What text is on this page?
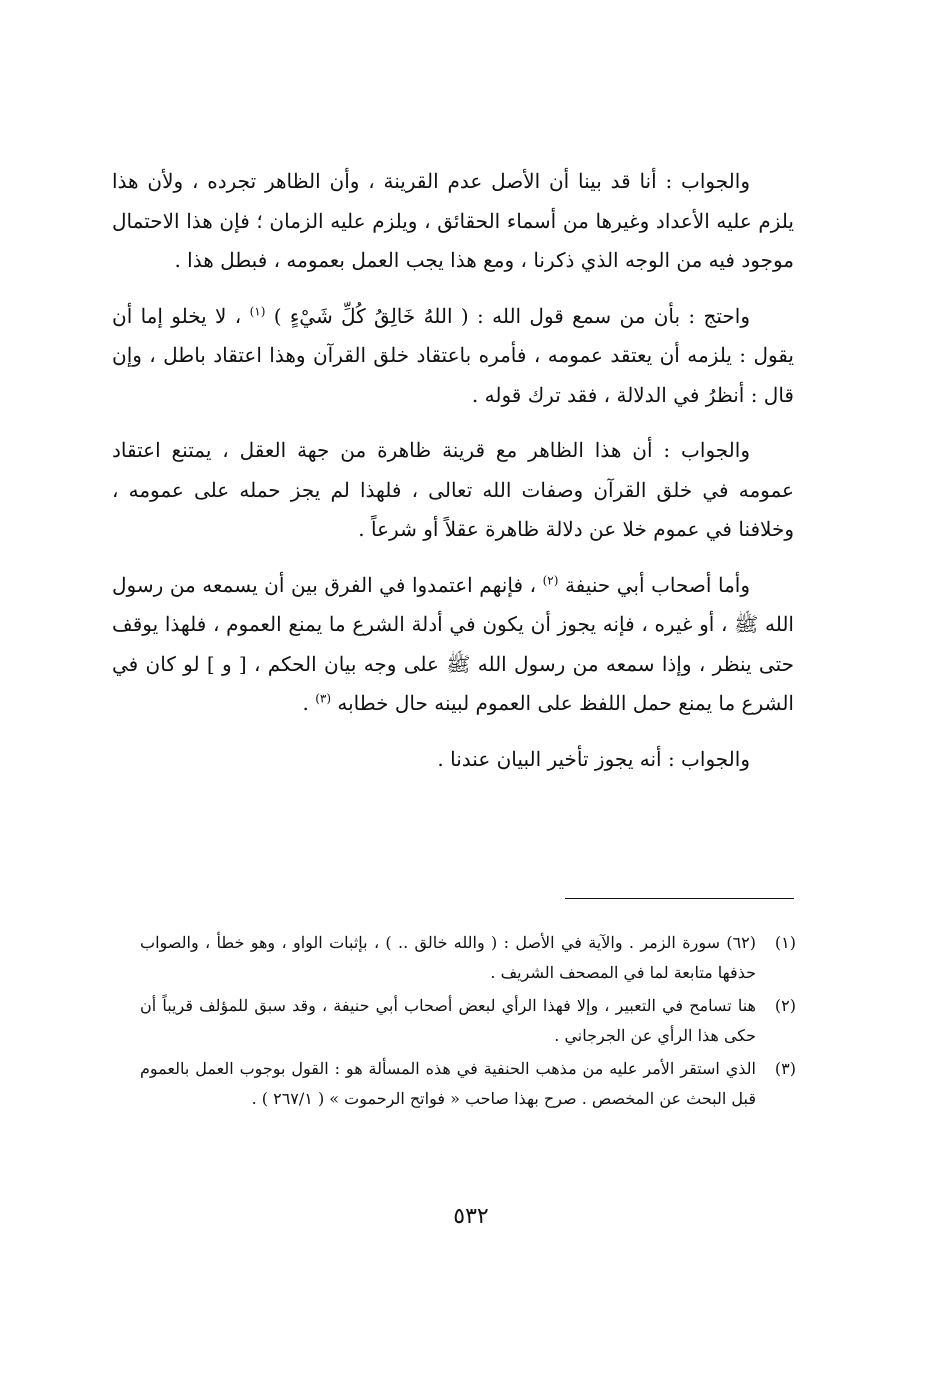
والجواب : أنا قد بينا أن الأصل عدم القرينة ، وأن الظاهر تجرده ، ولأن هذا يلزم عليه الأعداد وغيرها من أسماء الحقائق ، ويلزم عليه الزمان ؛ فإن هذا الاحتمال موجود فيه من الوجه الذي ذكرنا ، ومع هذا يجب العمل بعمومه ، فبطل هذا .

واحتج : بأن من سمع قول الله : ( اللهُ خَالِقُ كُلِّ شَيْءٍ ) $^{(١)}$ ، لا يخلو إما أن يقول : يلزمه أن يعتقد عمومه ، فأمره باعتقاد خلق القرآن وهذا اعتقاد باطل ، وإن قال : أنظرُ في الدلالة ، فقد ترك قوله .

والجواب : أن هذا الظاهر مع قرينة ظاهرة من جهة العقل ، يمتنع اعتقاد عمومه في خلق القرآن وصفات الله تعالى ، فلهذا لم يجز حمله على عمومه ، وخلافنا في عموم خلا عن دلالة ظاهرة عقلاً أو شرعاً .

وأما أصحاب أبي حنيفة $^{(٢)}$ ، فإنهم اعتمدوا في الفرق بين أن يسمعه من رسول الله ﷺ ، أو غيره ، فإنه يجوز أن يكون في أدلة الشرع ما يمنع العموم ، فلهذا يوقف حتى ينظر ، وإذا سمعه من رسول الله ﷺ على وجه بيان الحكم ، [ و ] لو كان في الشرع ما يمنع حمل اللفظ على العموم لبينه حال خطابه $^{(٣)}$ .

والجواب : أنه يجوز تأخير البيان عندنا .

(١)
(٦٢) سورة الزمر . والآية في الأصل : ( والله خالق .. ) ، بإثبات الواو ، وهو خطأ ، والصواب حذفها متابعة لما في المصحف الشريف .
(٢)
هنا تسامح في التعبير ، وإلا فهذا الرأي لبعض أصحاب أبي حنيفة ، وقد سبق للمؤلف قريباً أن حكى هذا الرأي عن الجرجاني .
(٣)
الذي استقر الأمر عليه من مذهب الحنفية في هذه المسألة هو : القول بوجوب العمل بالعموم قبل البحث عن المخصص . صرح بهذا صاحب « فواتح الرحموت » ( ٢٦٧/١ ) .
٥٣٢
